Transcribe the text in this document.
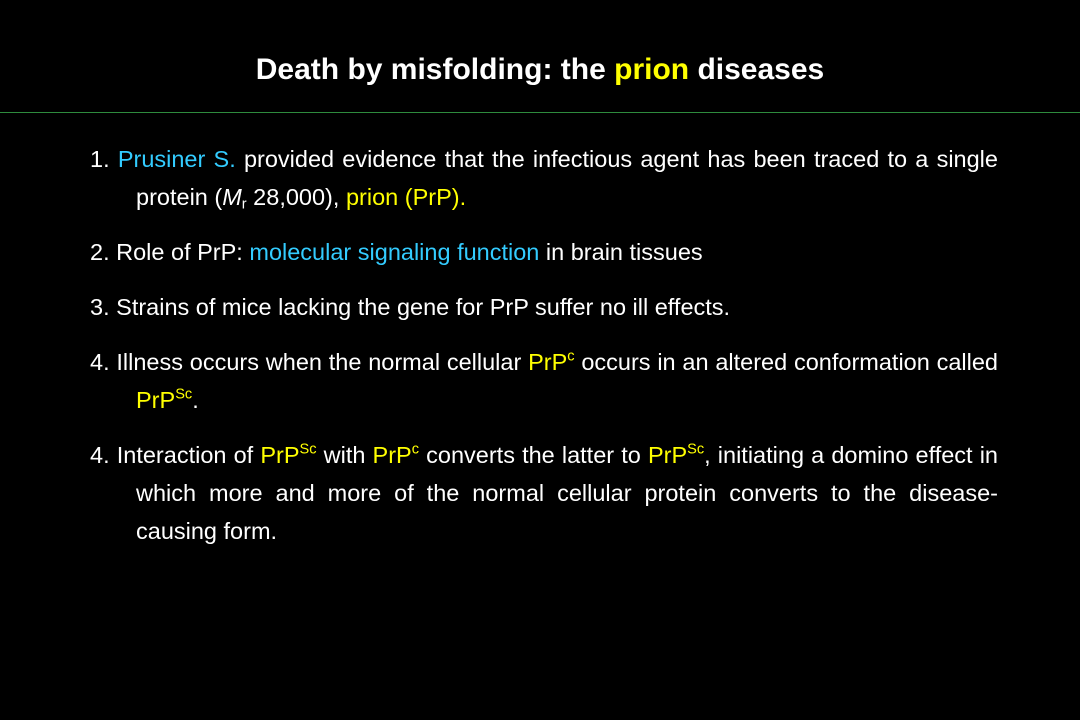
Death by misfolding: the prion diseases

1. Prusiner S. provided evidence that the infectious agent has been traced to a single protein ($M_r$ 28,000), prion (PrP).

2. Role of PrP: molecular signaling function in brain tissues

3. Strains of mice lacking the gene for PrP suffer no ill effects.

4. Illness occurs when the normal cellular PrP$^c$ occurs in an altered conformation called PrP$^{Sc}$.

4. Interaction of PrP$^{Sc}$ with PrP$^c$ converts the latter to PrP$^{Sc}$, initiating a domino effect in which more and more of the normal cellular protein converts to the disease-causing form.
